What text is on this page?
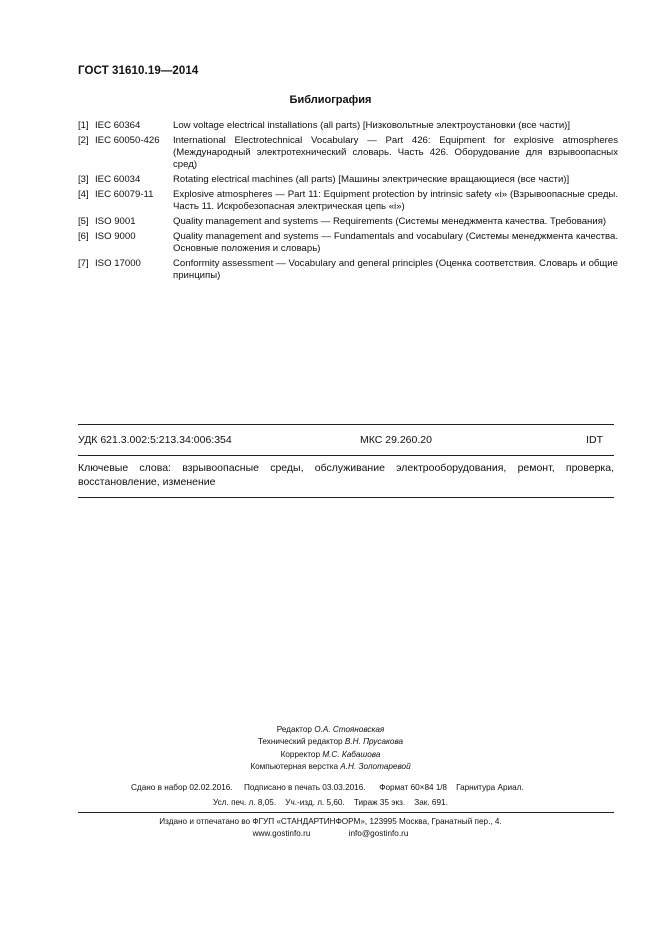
ГОСТ 31610.19—2014
Библиография
[1] IEC 60364	Low voltage electrical installations (all parts) [Низковольтные электроустановки (все части)]
[2] IEC 60050-426	International Electrotechnical Vocabulary — Part 426: Equipment for explosive atmospheres (Международный электротехнический словарь. Часть 426. Оборудование для взрывоопасных сред)
[3] IEC 60034	Rotating electrical machines (all parts) [Машины электрические вращающиеся (все части)]
[4] IEC 60079-11	Explosive atmospheres — Part 11: Equipment protection by intrinsic safety «i» (Взрывоопасные среды. Часть 11. Искробезопасная электрическая цепь «i»)
[5] ISO 9001	Quality management and systems — Requirements (Системы менеджмента качества. Требования)
[6] ISO 9000	Quality management and systems — Fundamentals and vocabulary (Системы менеджмента качества. Основные положения и словарь)
[7] ISO 17000	Conformity assessment — Vocabulary and general principles (Оценка соответствия. Словарь и общие принципы)
УДК 621.3.002:5:213.34:006:354	МКС 29.260.20	IDT
Ключевые слова: взрывоопасные среды, обслуживание электрооборудования, ремонт, проверка, восстановление, изменение
Редактор О.А. Стояновская
Технический редактор В.Н. Прусакова
Корректор М.С. Кабашова
Компьютерная верстка А.Н. Золотаревой
Сдано в набор 02.02.2016. Подписано в печать 03.03.2016. Формат 60×84 1/8 Гарнитура Ариал.
Усл. печ. л. 8,05. Уч.-изд. л. 5,60. Тираж 35 экз. Зак. 691.
Издано и отпечатано во ФГУП «СТАНДАРТИНФОРМ», 123995 Москва, Гранатный пер., 4.
www.gostinfo.ru	info@gostinfo.ru
